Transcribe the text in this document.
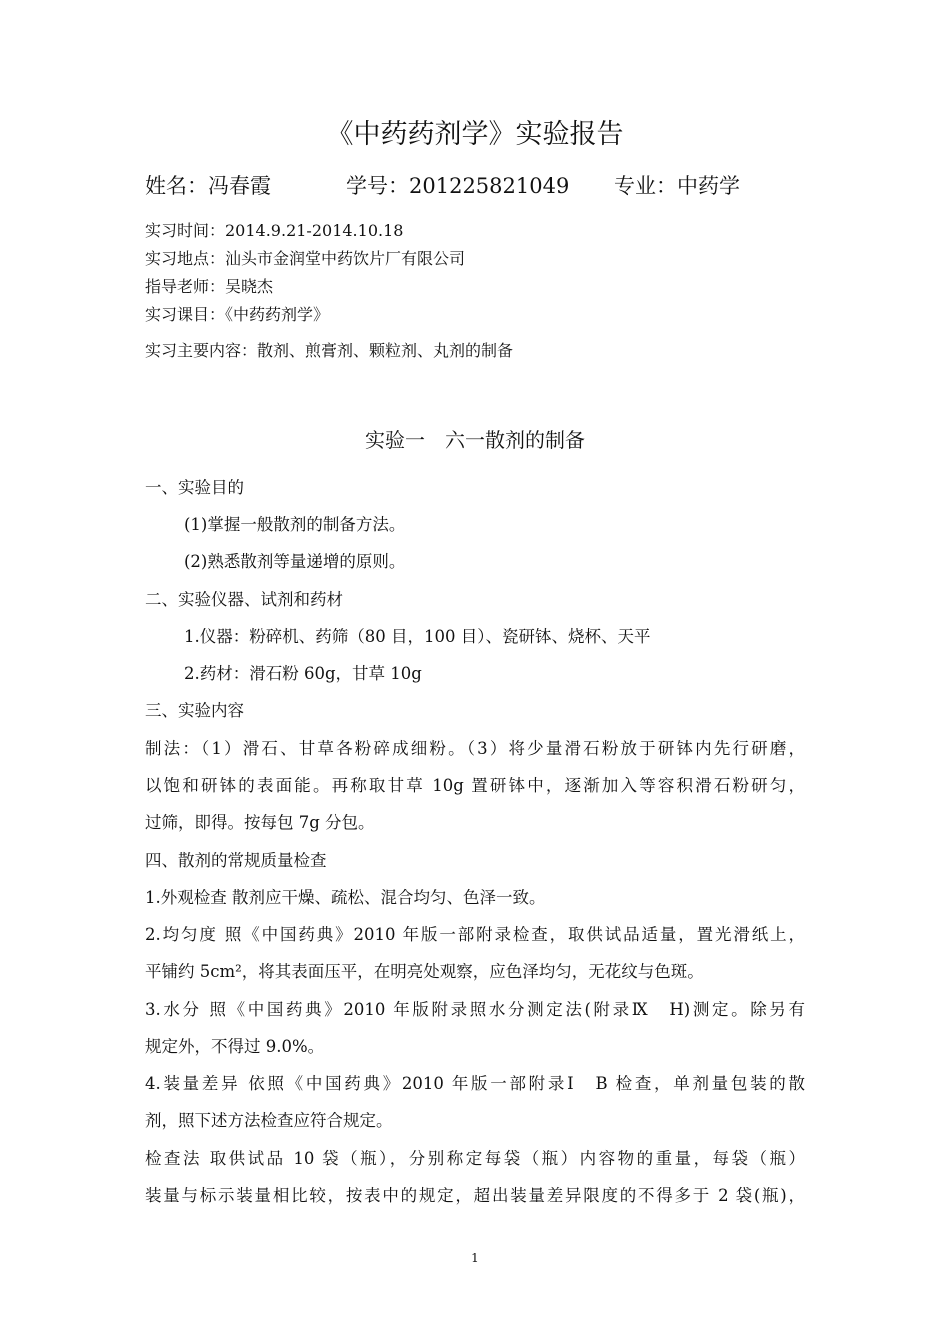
《中药药剂学》实验报告
姓名：冯春霞	学号：201225821049 专业：中药学
实习时间：2014.9.21-2014.10.18
实习地点：汕头市金润堂中药饮片厂有限公司
指导老师：吴晓杰
实习课目：《中药药剂学》
实习主要内容：散剂、煎膏剂、颗粒剂、丸剂的制备
实验一　六一散剂的制备
一、实验目的
(1)掌握一般散剂的制备方法。
(2)熟悉散剂等量递增的原则。
二、实验仪器、试剂和药材
1.仪器：粉碎机、药筛（80 目，100 目）、瓷研钵、烧杯、天平
2.药材：滑石粉 60g，甘草 10g
三、实验内容
制法：（1）滑石、甘草各粉碎成细粉。（3）将少量滑石粉放于研钵内先行研磨，
以饱和研钵的表面能。再称取甘草 10g 置研钵中，逐渐加入等容积滑石粉研匀，
过筛，即得。按每包 7g 分包。
四、散剂的常规质量检查
1.外观检查 散剂应干燥、疏松、混合均匀、色泽一致。
2.均匀度 照《中国药典》2010 年版一部附录检查，取供试品适量，置光滑纸上，
平铺约 5cm²，将其表面压平，在明亮处观察，应色泽均匀，无花纹与色斑。
3.水分 照《中国药典》2010 年版附录照水分测定法(附录Ⅸ　H)测定。除另有
规定外，不得过 9.0%。
4.装量差异 依照《中国药典》2010 年版一部附录Ⅰ　B 检查，单剂量包装的散
剂，照下述方法检查应符合规定。
检查法 取供试品 10 袋（瓶），分别称定每袋（瓶）内容物的重量，每袋（瓶）
装量与标示装量相比较，按表中的规定，超出装量差异限度的不得多于 2 袋(瓶)，
1
